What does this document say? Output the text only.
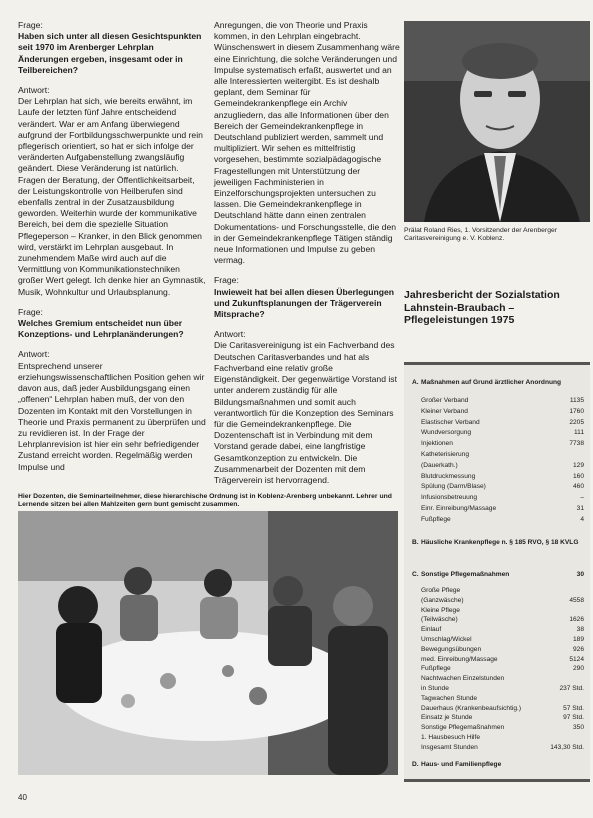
Frage:
Haben sich unter all diesen Gesichtspunkten seit 1970 im Arenberger Lehrplan Änderungen ergeben, insgesamt oder in Teilbereichen?

Antwort:
Der Lehrplan hat sich, wie bereits erwähnt, im Laufe der letzten fünf Jahre entscheidend verändert. War er am Anfang überwiegend aufgrund der Fortbildungsschwerpunkte und rein pflegerisch orientiert, so hat er sich infolge der veränderten Aufgabenstellung zwangsläufig geändert. Diese Veränderung ist natürlich. Fragen der Beratung, der Öffentlichkeitsarbeit, der Leistungskontrolle von Heilberufen sind ebenfalls zentral in der Zusatzausbildung geworden. Weiterhin wurde der kommunikative Bereich, bei dem die spezielle Situation Pflegeperson – Kranker, in den Blick genommen wird, verstärkt im Lehrplan ausgebaut. In zunehmendem Maße wird auch auf die Vermittlung von Kommunikationstechniken großer Wert gelegt. Ich denke hier an Gymnastik, Musik, Wohnkultur und Urlaubsplanung.

Frage:
Welches Gremium entscheidet nun über Konzeptions- und Lehrplanänderungen?

Antwort:
Entsprechend unserer erziehungswissenschaftlichen Position gehen wir davon aus, daß jeder Ausbildungsgang einen „offenen“ Lehrplan haben muß, der von den Dozenten im Kontakt mit den Vorstellungen in Theorie und Praxis permanent zu überprüfen und zu revidieren ist. In der Frage der Lehrplanrevision ist hier ein sehr befriedigender Zustand erreicht worden. Regelmäßig werden Impulse und

Anregungen, die von Theorie und Praxis kommen, in den Lehrplan eingebracht. Wünschenswert in diesem Zusammenhang wäre eine Einrichtung, die solche Veränderungen und Impulse systematisch erfaßt, auswertet und an alle Interessierten weitergibt. Es ist deshalb geplant, dem Seminar für Gemeindekrankenpflege ein Archiv anzugliedern, das alle Informationen über den Bereich der Gemeindekrankenpflege in Deutschland publiziert werden, sammelt und multipliziert. Wir sehen es mittelfristig vorgesehen, bestimmte sozialpädagogische Fragestellungen mit Unterstützung der jeweiligen Fachministerien in Einzelforschungsprojekten untersuchen zu lassen. Die Gemeindekrankenpflege in Deutschland hätte dann einen zentralen Dokumentations- und Forschungsstelle, die den in der Gemeindekrankenpflege Tätigen ständig neue Informationen und Impulse zu geben vermag.

Frage:
Inwieweit hat bei allen diesen Überlegungen und Zukunftsplanungen der Trägerverein Mitsprache?

Antwort:
Die Caritasvereinigung ist ein Fachverband des Deutschen Caritasverbandes und hat als Fachverband eine relativ große Eigenständigkeit. Der gegenwärtige Vorstand ist unter anderem zuständig für alle Bildungsmaßnahmen und somit auch verantwortlich für die Konzeption des Seminars für die Gemeindekrankenpflege. Die Dozentenschaft ist in Verbindung mit dem Vorstand gerade dabei, eine langfristige Gesamtkonzeption zu entwickeln. Die Zusammenarbeit der Dozenten mit dem Trägerverein ist hervorragend.

Prälat Roland Ries, 1. Vorsitzender der Arenberger Caritasvereinigung e. V. Koblenz.
Jahresbericht der Sozialstation Lahnstein-Braubach – Pflegeleistungen 1975
A. Maßnahmen auf Grund ärztlicher Anordnung
Großer Verband	1135
Kleiner Verband	1760
Elastischer Verband	2205
Wundversorgung	111
Injektionen	7738
Katheterisierung
(Dauerkath.)	129
Blutdruckmessung	160
Spülung (Darm/Blase)	460
Infusionsbetreuung	–
Einr. Einreibung/Massage	31
Fußpflege	4
B. Häusliche Krankenpflege n. § 185 RVO, § 18 KVLG
C. Sonstige Pflegemaßnahmen	30
Große Pflege
(Ganzwäsche)	4558
Kleine Pflege
(Teilwäsche)	1626
Einlauf	38
Umschlag/Wickel	189
Bewegungsübungen	926
med. Einreibung/Massage	5124
Fußpflege	290
Nachtwachen Einzelstunden
in Stunde	237 Std.
Tagwachen Stunde
Dauerhaus (Krankenbeaufsichtig.)	57 Std.
Einsatz je Stunde	97 Std.
Sonstige Pflegemaßnahmen	350
1. Hausbesuch Hilfe
Insgesamt Stunden	143,30 Std.
D. Haus- und Familienpflege
Hier Dozenten, die Seminarteilnehmer, diese hierarchische Ordnung ist in Koblenz-Arenberg unbekannt. Lehrer und Lernende sitzen bei allen Mahlzeiten gern bunt gemischt zusammen.
40
